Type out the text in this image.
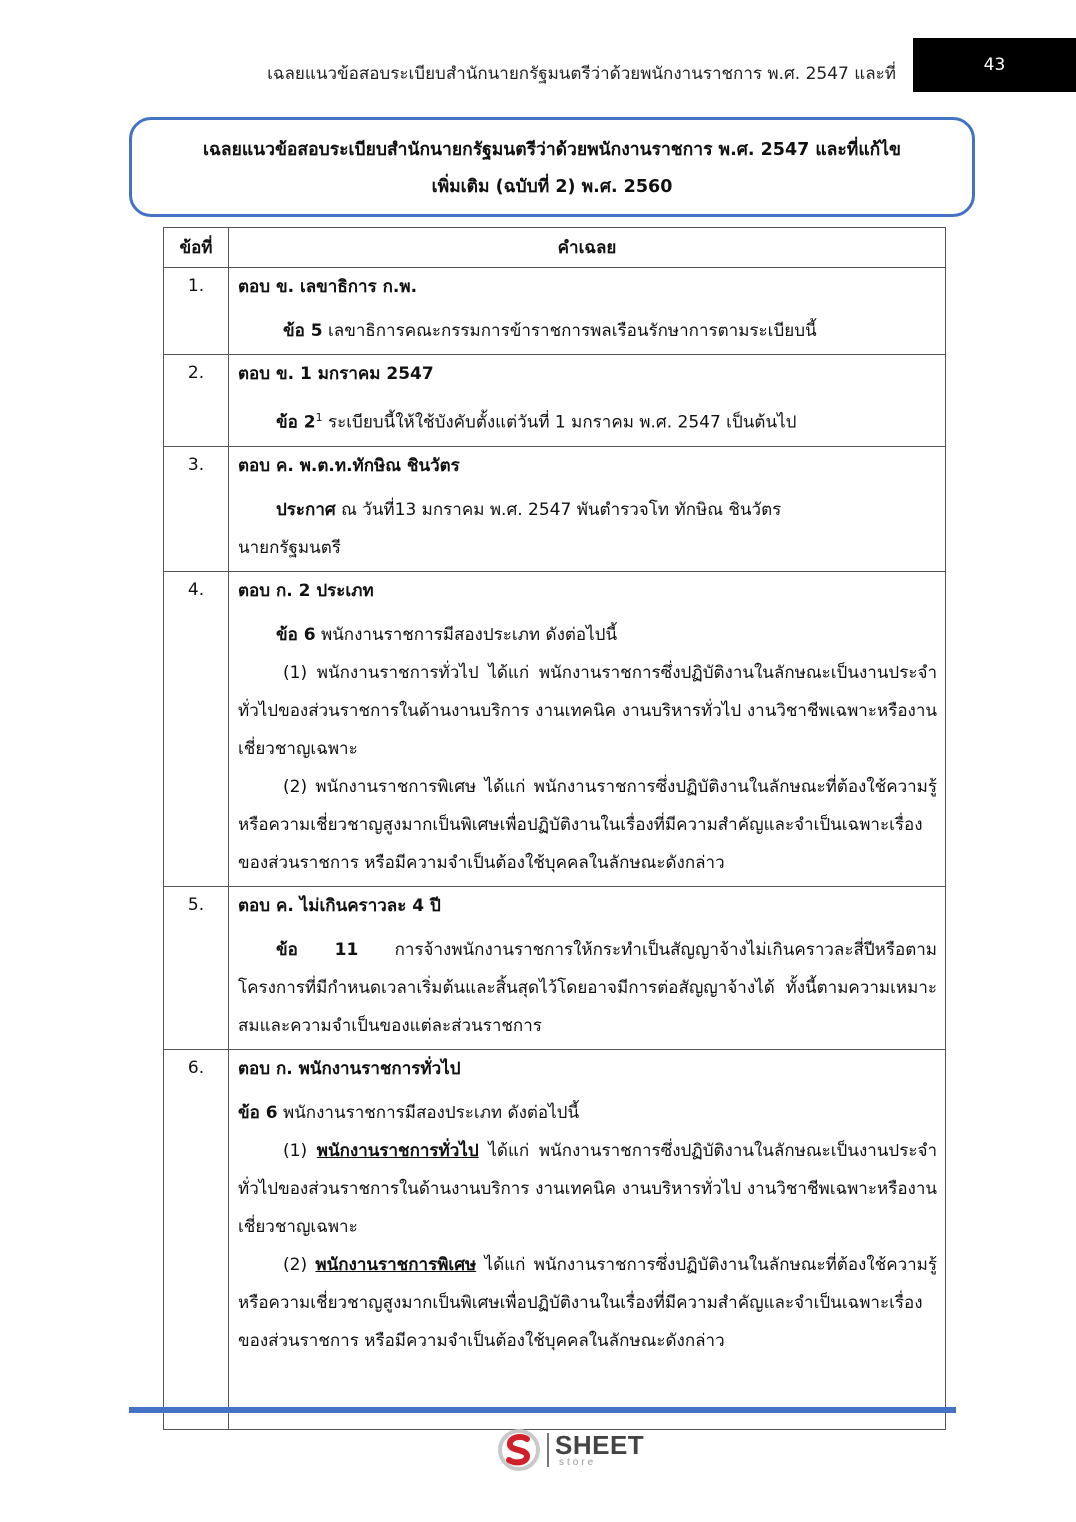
เฉลยแนวข้อสอบระเบียบสำนักนายกรัฐมนตรีว่าด้วยพนักงานราชการ พ.ศ. 2547 และที่	43
เฉลยแนวข้อสอบระเบียบสำนักนายกรัฐมนตรีว่าด้วยพนักงานราชการ พ.ศ. 2547 และที่แก้ไข
เพิ่มเติม (ฉบับที่ 2) พ.ศ. 2560
ข้อที่	คำเฉลย
1.	ตอบ ข. เลขาธิการ ก.พ.
ข้อ 5 เลขาธิการคณะกรรมการข้าราชการพลเรือนรักษาการตามระเบียบนี้

2.	ตอบ ข. 1 มกราคม 2547
ข้อ $2^1$ ระเบียบนี้ให้ใช้บังคับตั้งแต่วันที่ 1 มกราคม พ.ศ. 2547 เป็นต้นไป

3.	ตอบ ค. พ.ต.ท.ทักษิณ ชินวัตร
ประกาศ ณ วันที่13 มกราคม พ.ศ. 2547 พันตำรวจโท ทักษิณ ชินวัตร
นายกรัฐมนตรี

4.	ตอบ ก. 2 ประเภท
ข้อ 6 พนักงานราชการมีสองประเภท ดังต่อไปนี้
(1) พนักงานราชการทั่วไป ได้แก่ พนักงานราชการซึ่งปฏิบัติงานในลักษณะเป็นงานประจำทั่วไปของส่วนราชการในด้านงานบริการ งานเทคนิค งานบริหารทั่วไป งานวิชาชีพเฉพาะหรืองานเชี่ยวชาญเฉพาะ
(2) พนักงานราชการพิเศษ ได้แก่ พนักงานราชการซึ่งปฏิบัติงานในลักษณะที่ต้องใช้ความรู้หรือความเชี่ยวชาญสูงมากเป็นพิเศษเพื่อปฏิบัติงานในเรื่องที่มีความสำคัญและจำเป็นเฉพาะเรื่องของส่วนราชการ หรือมีความจำเป็นต้องใช้บุคคลในลักษณะดังกล่าว

5.	ตอบ ค. ไม่เกินคราวละ 4 ปี
ข้อ 11 การจ้างพนักงานราชการให้กระทำเป็นสัญญาจ้างไม่เกินคราวละสี่ปีหรือตามโครงการที่มีกำหนดเวลาเริ่มต้นและสิ้นสุดไว้โดยอาจมีการต่อสัญญาจ้างได้ ทั้งนี้ตามความเหมาะสมและความจำเป็นของแต่ละส่วนราชการ

6.	ตอบ ก. พนักงานราชการทั่วไป
ข้อ 6 พนักงานราชการมีสองประเภท ดังต่อไปนี้
(1) พนักงานราชการทั่วไป ได้แก่ พนักงานราชการซึ่งปฏิบัติงานในลักษณะเป็นงานประจำทั่วไปของส่วนราชการในด้านงานบริการ งานเทคนิค งานบริหารทั่วไป งานวิชาชีพเฉพาะหรืองานเชี่ยวชาญเฉพาะ
(2) พนักงานราชการพิเศษ ได้แก่ พนักงานราชการซึ่งปฏิบัติงานในลักษณะที่ต้องใช้ความรู้หรือความเชี่ยวชาญสูงมากเป็นพิเศษเพื่อปฏิบัติงานในเรื่องที่มีความสำคัญและจำเป็นเฉพาะเรื่องของส่วนราชการ หรือมีความจำเป็นต้องใช้บุคคลในลักษณะดังกล่าว
SHEET
store
